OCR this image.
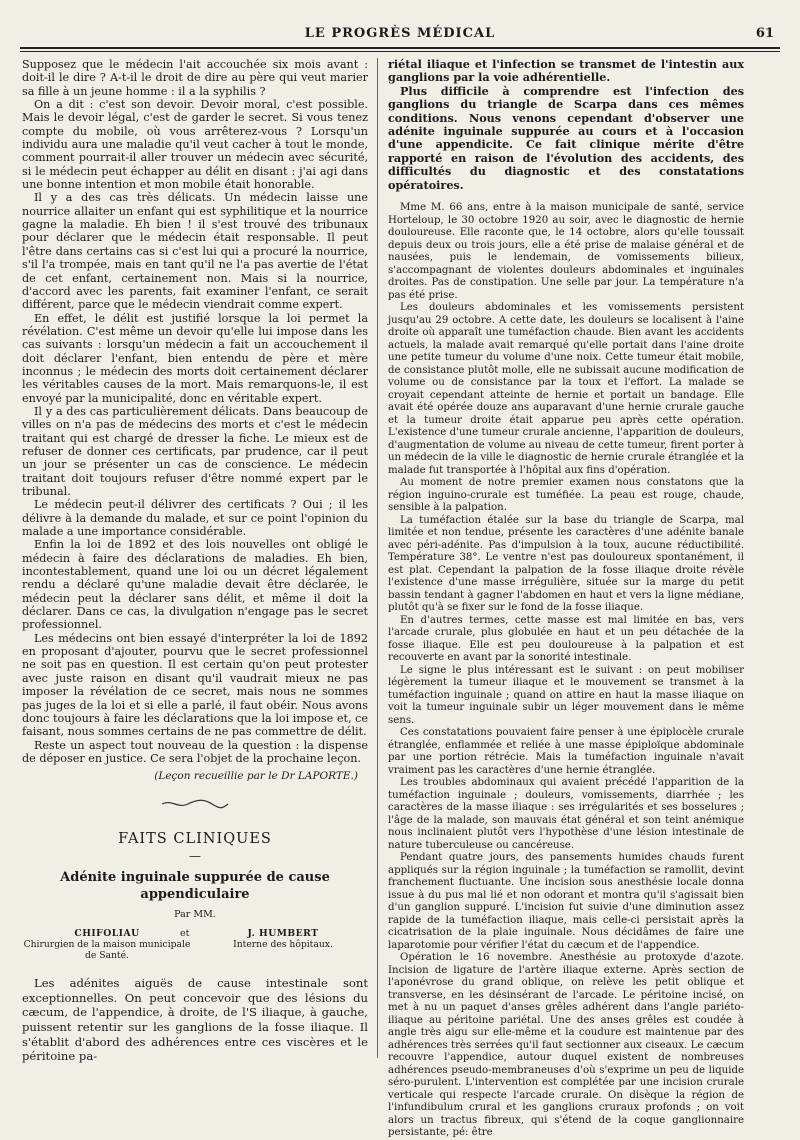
LE PROGRÈS MÉDICAL	61

Supposez que le médecin l'ait accouchée six mois avant : doit-il le dire ? A-t-il le droit de dire au père qui veut marier sa fille à un jeune homme : il a la syphilis ?

On a dit : c'est son devoir. Devoir moral, c'est possible. Mais le devoir légal, c'est de garder le secret. Si vous tenez compte du mobile, où vous arrêterez-vous ? Lorsqu'un individu aura une maladie qu'il veut cacher à tout le monde, comment pourrait-il aller trouver un médecin avec sécurité, si le médecin peut échapper au délit en disant : j'ai agi dans une bonne intention et mon mobile était honorable.

Il y a des cas très délicats. Un médecin laisse une nourrice allaiter un enfant qui est syphilitique et la nourrice gagne la maladie. Eh bien ! il s'est trouvé des tribunaux pour déclarer que le médecin était responsable. Il peut l'être dans certains cas si c'est lui qui a procuré la nourrice, s'il l'a trompée, mais en tant qu'il ne l'a pas avertie de l'état de cet enfant, certainement non. Mais si la nourrice, d'accord avec les parents, fait examiner l'enfant, ce serait différent, parce que le médecin viendrait comme expert.

En effet, le délit est justifié lorsque la loi permet la révélation. C'est même un devoir qu'elle lui impose dans les cas suivants : lorsqu'un médecin a fait un accouchement il doit déclarer l'enfant, bien entendu de père et mère inconnus ; le médecin des morts doit certainement déclarer les véritables causes de la mort. Mais remarquons-le, il est envoyé par la municipalité, donc en véritable expert.

Il y a des cas particulièrement délicats. Dans beaucoup de villes on n'a pas de médecins des morts et c'est le médecin traitant qui est chargé de dresser la fiche. Le mieux est de refuser de donner ces certificats, par prudence, car il peut un jour se présenter un cas de conscience. Le médecin traitant doit toujours refuser d'être nommé expert par le tribunal.

Le médecin peut-il délivrer des certificats ? Oui ; il les délivre à la demande du malade, et sur ce point l'opinion du malade a une importance considérable.

Enfin la loi de 1892 et des lois nouvelles ont obligé le médecin à faire des déclarations de maladies. Eh bien, incontestablement, quand une loi ou un décret légalement rendu a déclaré qu'une maladie devait être déclarée, le médecin peut la déclarer sans délit, et même il doit la déclarer. Dans ce cas, la divulgation n'engage pas le secret professionnel.

Les médecins ont bien essayé d'interpréter la loi de 1892 en proposant d'ajouter, pourvu que le secret professionnel ne soit pas en question. Il est certain qu'on peut protester avec juste raison en disant qu'il vaudrait mieux ne pas imposer la révélation de ce secret, mais nous ne sommes pas juges de la loi et si elle a parlé, il faut obéir. Nous avons donc toujours à faire les déclarations que la loi impose et, ce faisant, nous sommes certains de ne pas commettre de délit.

Reste un aspect tout nouveau de la question : la dispense de déposer en justice. Ce sera l'objet de la prochaine leçon.

(Leçon recueillie par le Dr LAPORTE.)

FAITS CLINIQUES
—
Adénite inguinale suppurée de cause appendiculaire
Par MM.
CHIFOLIAU
Chirurgien de la maison municipale de Santé.
et	J. HUMBERT
Interne des hôpitaux.

Les adénites aiguës de cause intestinale sont exceptionnelles. On peut concevoir que des lésions du cæcum, de l'appendice, à droite, de l'S iliaque, à gauche, puissent retentir sur les ganglions de la fosse iliaque. Il s'établit d'abord des adhérences entre ces viscères et le péritoine pa-

riétal iliaque et l'infection se transmet de l'intestin aux ganglions par la voie adhérentielle.

Plus difficile à comprendre est l'infection des ganglions du triangle de Scarpa dans ces mêmes conditions. Nous venons cependant d'observer une adénite inguinale suppurée au cours et à l'occasion d'une appendicite. Ce fait clinique mérite d'être rapporté en raison de l'évolution des accidents, des difficultés du diagnostic et des constatations opératoires.

Mme M. 66 ans, entre à la maison municipale de santé, service Horteloup, le 30 octobre 1920 au soir, avec le diagnostic de hernie douloureuse. Elle raconte que, le 14 octobre, alors qu'elle toussait depuis deux ou trois jours, elle a été prise de malaise général et de nausées, puis le lendemain, de vomissements bilieux, s'accompagnant de violentes douleurs abdominales et inguinales droites. Pas de constipation. Une selle par jour. La température n'a pas été prise.

Les douleurs abdominales et les vomissements persistent jusqu'au 29 octobre. A cette date, les douleurs se localisent à l'aine droite où apparaît une tuméfaction chaude. Bien avant les accidents actuels, la malade avait remarqué qu'elle portait dans l'aine droite une petite tumeur du volume d'une noix. Cette tumeur était mobile, de consistance plutôt molle, elle ne subissait aucune modification de volume ou de consistance par la toux et l'effort. La malade se croyait cependant atteinte de hernie et portait un bandage. Elle avait été opérée douze ans auparavant d'une hernie crurale gauche et la tumeur droite était apparue peu après cette opération. L'existence d'une tumeur crurale ancienne, l'apparition de douleurs, d'augmentation de volume au niveau de cette tumeur, firent porter à un médecin de la ville le diagnostic de hernie crurale étranglée et la malade fut transportée à l'hôpital aux fins d'opération.

Au moment de notre premier examen nous constatons que la région inguino-crurale est tuméfiée. La peau est rouge, chaude, sensible à la palpation.

La tuméfaction étalée sur la base du triangle de Scarpa, mal limitée et non tendue, présente les caractères d'une adénite banale avec péri-adénite. Pas d'impulsion à la toux, aucune réductibilité. Température 38°. Le ventre n'est pas douloureux spontanément, il est plat. Cependant la palpation de la fosse iliaque droite révèle l'existence d'une masse irrégulière, située sur la marge du petit bassin tendant à gagner l'abdomen en haut et vers la ligne médiane, plutôt qu'à se fixer sur le fond de la fosse iliaque.

En d'autres termes, cette masse est mal limitée en bas, vers l'arcade crurale, plus globulée en haut et un peu détachée de la fosse iliaque. Elle est peu douloureuse à la palpation et est recouverte en avant par la sonorité intestinale.

Le signe le plus intéressant est le suivant : on peut mobiliser légèrement la tumeur iliaque et le mouvement se transmet à la tuméfaction inguinale ; quand on attire en haut la masse iliaque on voit la tumeur inguinale subir un léger mouvement dans le même sens.

Ces constatations pouvaient faire penser à une épiplocèle crurale étranglée, enflammée et reliée à une masse épiploïque abdominale par une portion rétrécie. Mais la tuméfaction inguinale n'avait vraiment pas les caractères d'une hernie étranglée.

Les troubles abdominaux qui avaient précédé l'apparition de la tuméfaction inguinale ; douleurs, vomissements, diarrhée ; les caractères de la masse iliaque : ses irrégularités et ses bosselures ; l'âge de la malade, son mauvais état général et son teint anémique nous inclinaient plutôt vers l'hypothèse d'une lésion intestinale de nature tuberculeuse ou cancéreuse.

Pendant quatre jours, des pansements humides chauds furent appliqués sur la région inguinale ; la tuméfaction se ramollit, devint franchement fluctuante. Une incision sous anesthésie locale donna issue à du pus mal lié et non odorant et montra qu'il s'agissait bien d'un ganglion suppuré. L'incision fut suivie d'une diminution assez rapide de la tuméfaction iliaque, mais celle-ci persistait après la cicatrisation de la plaie inguinale. Nous décidâmes de faire une laparotomie pour vérifier l'état du cæcum et de l'appendice.

Opération le 16 novembre. Anesthésie au protoxyde d'azote. Incision de ligature de l'artère iliaque externe. Après section de l'aponévrose du grand oblique, on relève les petit oblique et transverse, en les désinsérant de l'arcade. Le péritoine incisé, on met à nu un paquet d'anses grêles adhérent dans l'angle pariéto-iliaque au péritoine pariétal. Une des anses grêles est coudée à angle très aigu sur elle-même et la coudure est maintenue par des adhérences très serrées qu'il faut sectionner aux ciseaux. Le cæcum recouvre l'appendice, autour duquel existent de nombreuses adhérences pseudo-membraneuses d'où s'exprime un peu de liquide séro-purulent. L'intervention est complétée par une incision crurale verticale qui respecte l'arcade crurale. On disèque la région de l'infundibulum crural et les ganglions cruraux profonds ; on voit alors un tractus fibreux, qui s'étend de la coque ganglionnaire persistante, pé: être
